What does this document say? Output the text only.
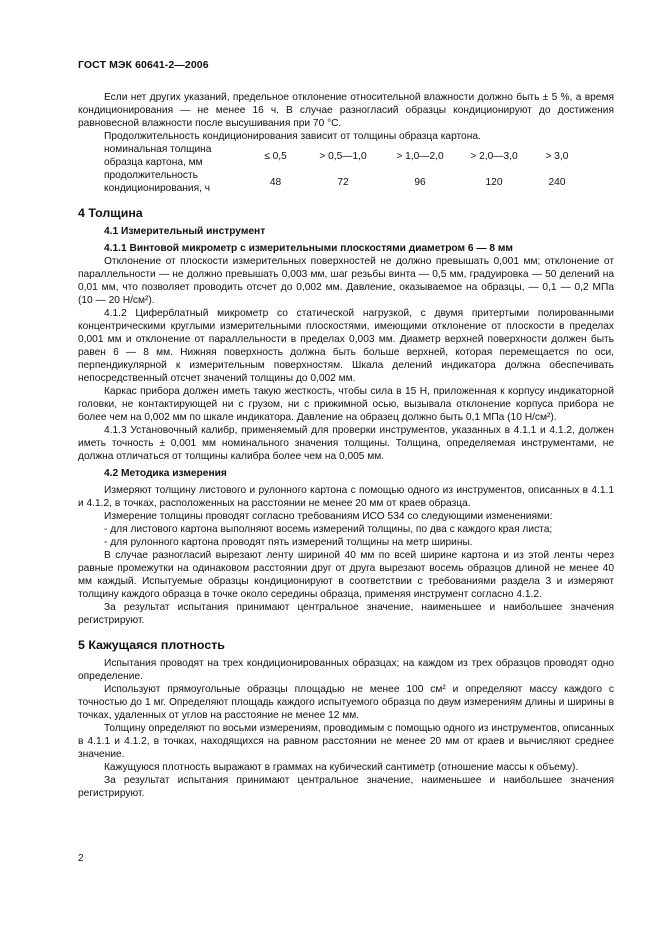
ГОСТ МЭК 60641-2—2006

Если нет других указаний, предельное отклонение относительной влажности должно быть ± 5 %, а время кондиционирования — не менее 16 ч. В случае разногласий образцы кондиционируют до достижения равновесной влажности после высушивания при 70 °С.

Продолжительность кондиционирования зависит от толщины образца картона.

номинальная толщина образца картона, мм	≤ 0,5	> 0,5—1,0	> 1,0—2,0	> 2,0—3,0	> 3,0
продолжительность кондиционирования, ч	48	72	96	120	240
4 Толщина
4.1 Измерительный инструмент
4.1.1 Винтовой микрометр с измерительными плоскостями диаметром 6 — 8 мм

Отклонение от плоскости измерительных поверхностей не должно превышать 0,001 мм; отклонение от параллельности — не должно превышать 0,003 мм, шаг резьбы винта — 0,5 мм, градуировка — 50 делений на 0,01 мм, что позволяет проводить отсчет до 0,002 мм. Давление, оказываемое на образцы, — 0,1 — 0,2 МПа (10 — 20 Н/см²).

4.1.2 Циферблатный микрометр со статической нагрузкой, с двумя притертыми полированными концентрическими круглыми измерительными плоскостями, имеющими отклонение от плоскости в пределах 0,001 мм и отклонение от параллельности в пределах 0,003 мм. Диаметр верхней поверхности должен быть равен 6 — 8 мм. Нижняя поверхность должна быть больше верхней, которая перемещается по оси, перпендикулярной к измерительным поверхностям. Шкала делений индикатора должна обеспечивать непосредственный отсчет значений толщины до 0,002 мм.

Каркас прибора должен иметь такую жесткость, чтобы сила в 15 Н, приложенная к корпусу индикаторной головки, не контактирующей ни с грузом, ни с прижимной осью, вызывала отклонение корпуса прибора не более чем на 0,002 мм по шкале индикатора. Давление на образец должно быть 0,1 МПа (10 Н/см²).

4.1.3 Установочный калибр, применяемый для проверки инструментов, указанных в 4.1.1 и 4.1.2, должен иметь точность ± 0,001 мм номинального значения толщины. Толщина, определяемая инструментами, не должна отличаться от толщины калибра более чем на 0,005 мм.

4.2 Методика измерения

Измеряют толщину листового и рулонного картона с помощью одного из инструментов, описанных в 4.1.1 и 4.1.2, в точках, расположенных на расстоянии не менее 20 мм от краев образца.

Измерение толщины проводят согласно требованиям ИСО 534 со следующими изменениями:

- для листового картона выполняют восемь измерений толщины, по два с каждого края листа;

- для рулонного картона проводят пять измерений толщины на метр ширины.

В случае разногласий вырезают ленту шириной 40 мм по всей ширине картона и из этой ленты через равные промежутки на одинаковом расстоянии друг от друга вырезают восемь образцов длиной не менее 40 мм каждый. Испытуемые образцы кондиционируют в соответствии с требованиями раздела 3 и измеряют толщину каждого образца в точке около середины образца, применяя инструмент согласно 4.1.2.

За результат испытания принимают центральное значение, наименьшее и наибольшее значения регистрируют.

5 Кажущаяся плотность

Испытания проводят на трех кондиционированных образцах; на каждом из трех образцов проводят одно определение.

Используют прямоугольные образцы площадью не менее 100 см² и определяют массу каждого с точностью до 1 мг. Определяют площадь каждого испытуемого образца по двум измерениям длины и ширины в точках, удаленных от углов на расстояние не менее 12 мм.

Толщину определяют по восьми измерениям, проводимым с помощью одного из инструментов, описанных в 4.1.1 и 4.1.2, в точках, находящихся на равном расстоянии не менее 20 мм от краев и вычисляют среднее значение.

Кажущуюся плотность выражают в граммах на кубический сантиметр (отношение массы к объему).

За результат испытания принимают центральное значение, наименьшее и наибольшее значения регистрируют.

2
